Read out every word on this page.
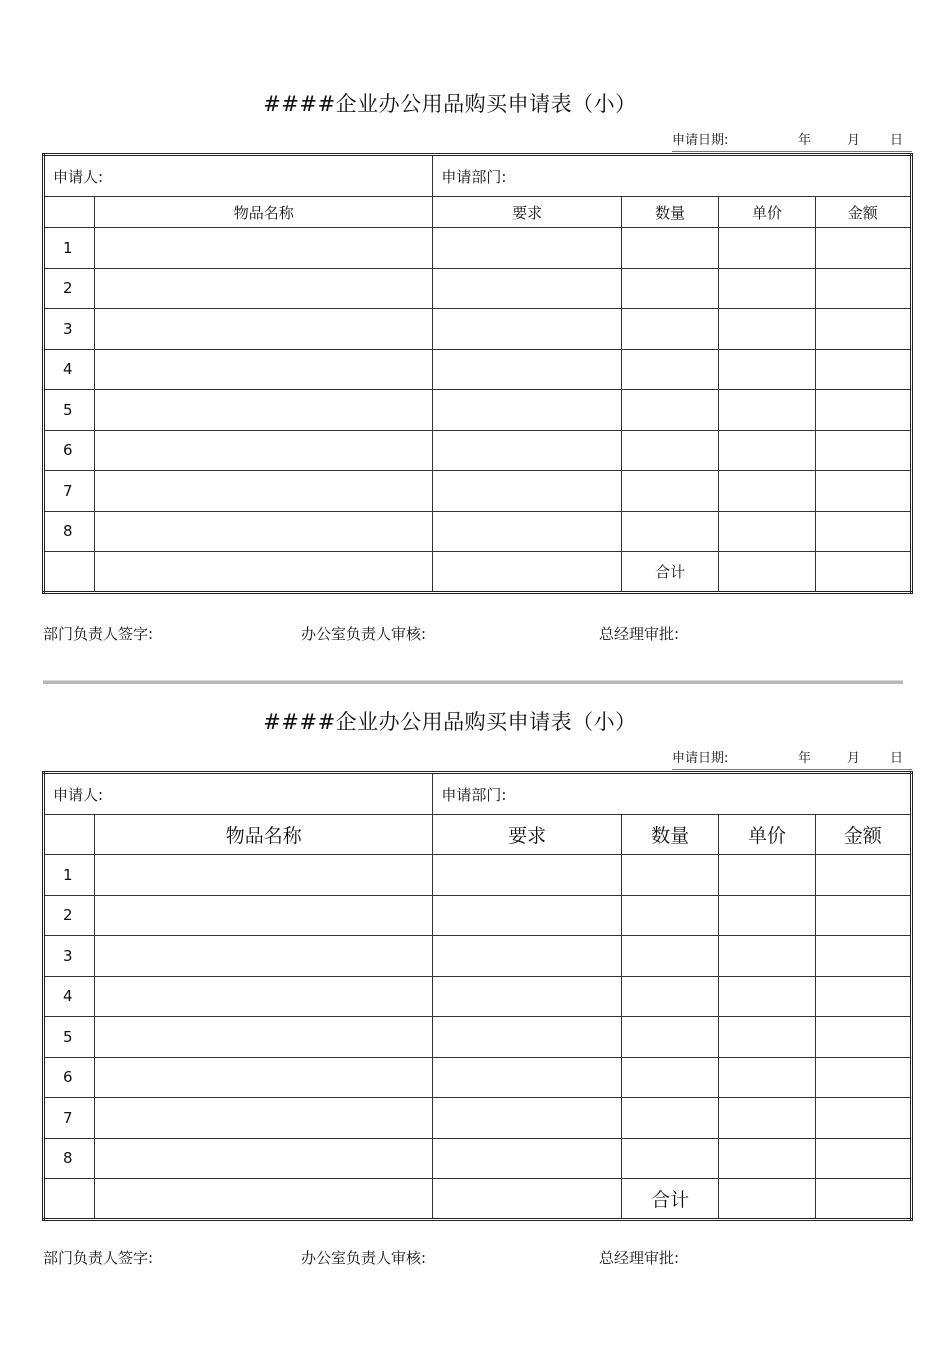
####企业办公用品购买申请表（小）
申请日期:	年	月 日
申请人:		申请部门:			
	物品名称	要求	数量	单价	金额
1					
2					
3					
4					
5					
6					
7					
8					
			合计		
部门负责人签字:	办公室负责人审核:	总经理审批:
####企业办公用品购买申请表（小）
申请日期:	年	月 日
申请人:		申请部门:			
	物品名称	要求	数量	单价	金额
1					
2					
3					
4					
5					
6					
7					
8					
			合计		
部门负责人签字:	办公室负责人审核:	总经理审批:
